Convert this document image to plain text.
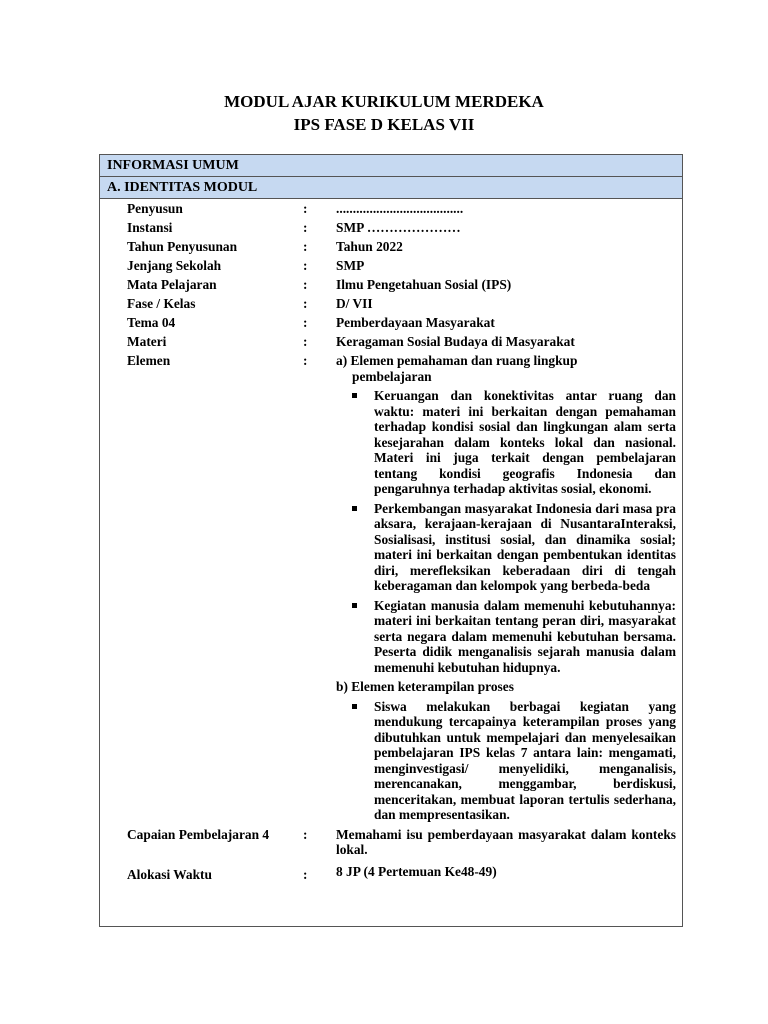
MODUL AJAR KURIKULUM MERDEKA
IPS FASE D KELAS VII
INFORMASI UMUM
A. IDENTITAS MODUL
Penyusun	: ......................................
Instansi	: SMP …………………
Tahun Penyusunan	: Tahun 2022
Jenjang Sekolah	: SMP
Mata Pelajaran	: Ilmu Pengetahuan Sosial (IPS)
Fase / Kelas	: D/ VII
Tema 04	: Pemberdayaan Masyarakat
Materi	: Keragaman Sosial Budaya di Masyarakat
Elemen	: a) Elemen pemahaman dan ruang lingkup
pembelajaran
Keruangan dan konektivitas antar ruang dan waktu: materi ini berkaitan dengan pemahaman terhadap kondisi sosial dan lingkungan alam serta kesejarahan dalam konteks lokal dan nasional. Materi ini juga terkait dengan pembelajaran tentang kondisi geografis Indonesia dan pengaruhnya terhadap aktivitas sosial, ekonomi.
Perkembangan masyarakat Indonesia dari masa pra aksara, kerajaan-kerajaan di NusantaraInteraksi, Sosialisasi, institusi sosial, dan dinamika sosial; materi ini berkaitan dengan pembentukan identitas diri, merefleksikan keberadaan diri di tengah keberagaman dan kelompok yang berbeda-beda
Kegiatan manusia dalam memenuhi kebutuhannya: materi ini berkaitan tentang peran diri, masyarakat serta negara dalam memenuhi kebutuhan bersama. Peserta didik menganalisis sejarah manusia dalam memenuhi kebutuhan hidupnya.
b) Elemen keterampilan proses
Siswa melakukan berbagai kegiatan yang mendukung tercapainya keterampilan proses yang dibutuhkan untuk mempelajari dan menyelesaikan pembelajaran IPS kelas 7 antara lain: mengamati, menginvestigasi/ menyelidiki, menganalisis, merencanakan, menggambar, berdiskusi, menceritakan, membuat laporan tertulis sederhana, dan mempresentasikan.
Capaian Pembelajaran 4	: Memahami isu pemberdayaan masyarakat dalam konteks lokal.
Alokasi Waktu	: 8 JP (4 Pertemuan Ke48-49)
